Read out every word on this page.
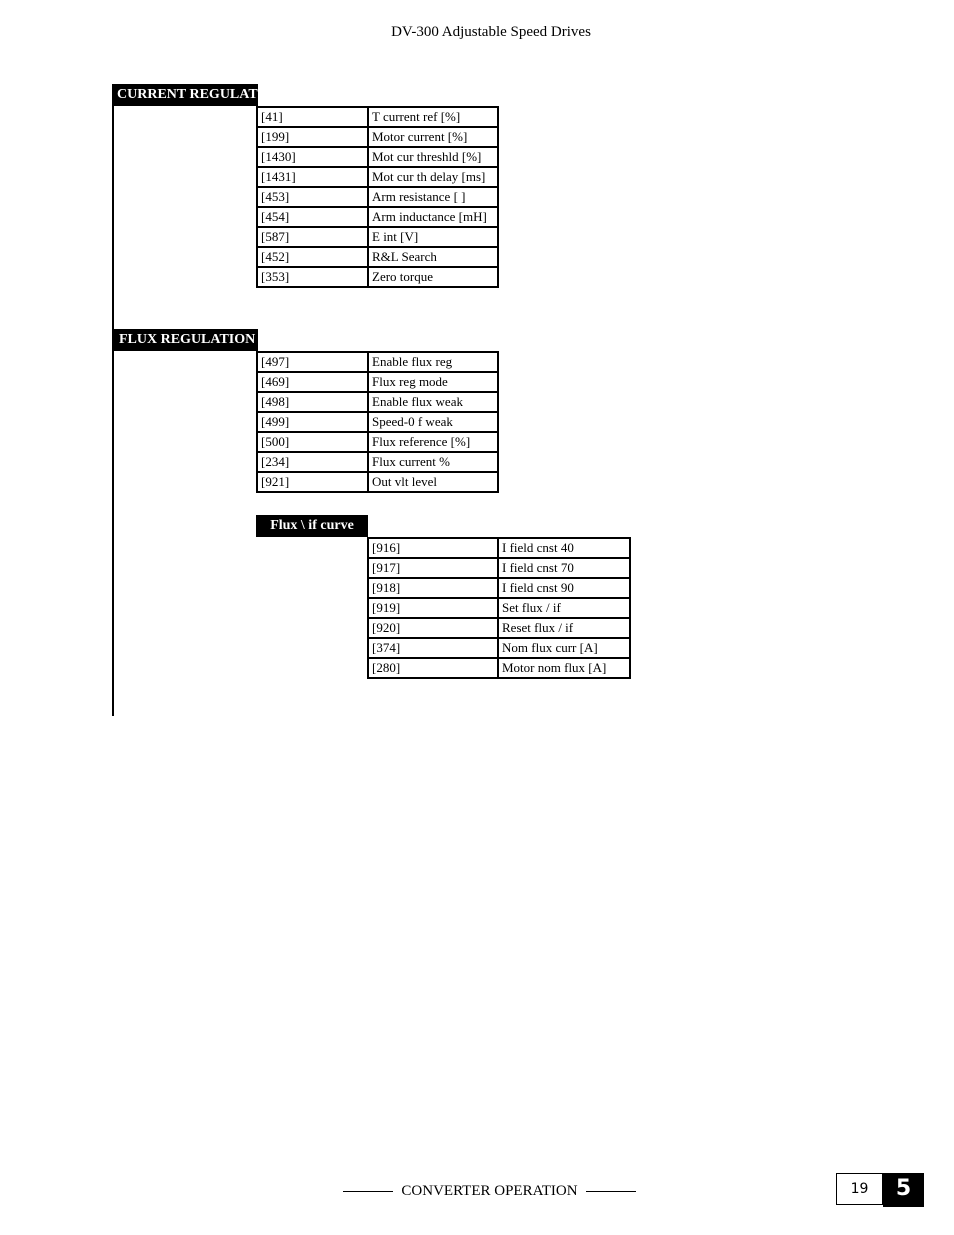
DV-300 Adjustable Speed Drives
CURRENT REGULAT
[41]	T current ref [%]
[199]	Motor current [%]
[1430]	Mot cur threshld [%]
[1431]	Mot cur th delay [ms]
[453]	Arm resistance [ ]
[454]	Arm inductance [mH]
[587]	E int [V]
[452]	R&L Search
[353]	Zero torque
FLUX REGULATION
[497]	Enable flux reg
[469]	Flux reg mode
[498]	Enable flux weak
[499]	Speed-0 f weak
[500]	Flux reference [%]
[234]	Flux current %
[921]	Out vlt level
Flux \ if curve
[916]	I field cnst 40
[917]	I field cnst 70
[918]	I field cnst 90
[919]	Set flux / if
[920]	Reset flux / if
[374]	Nom flux curr [A]
[280]	Motor nom flux [A]
CONVERTER OPERATION	19	5
